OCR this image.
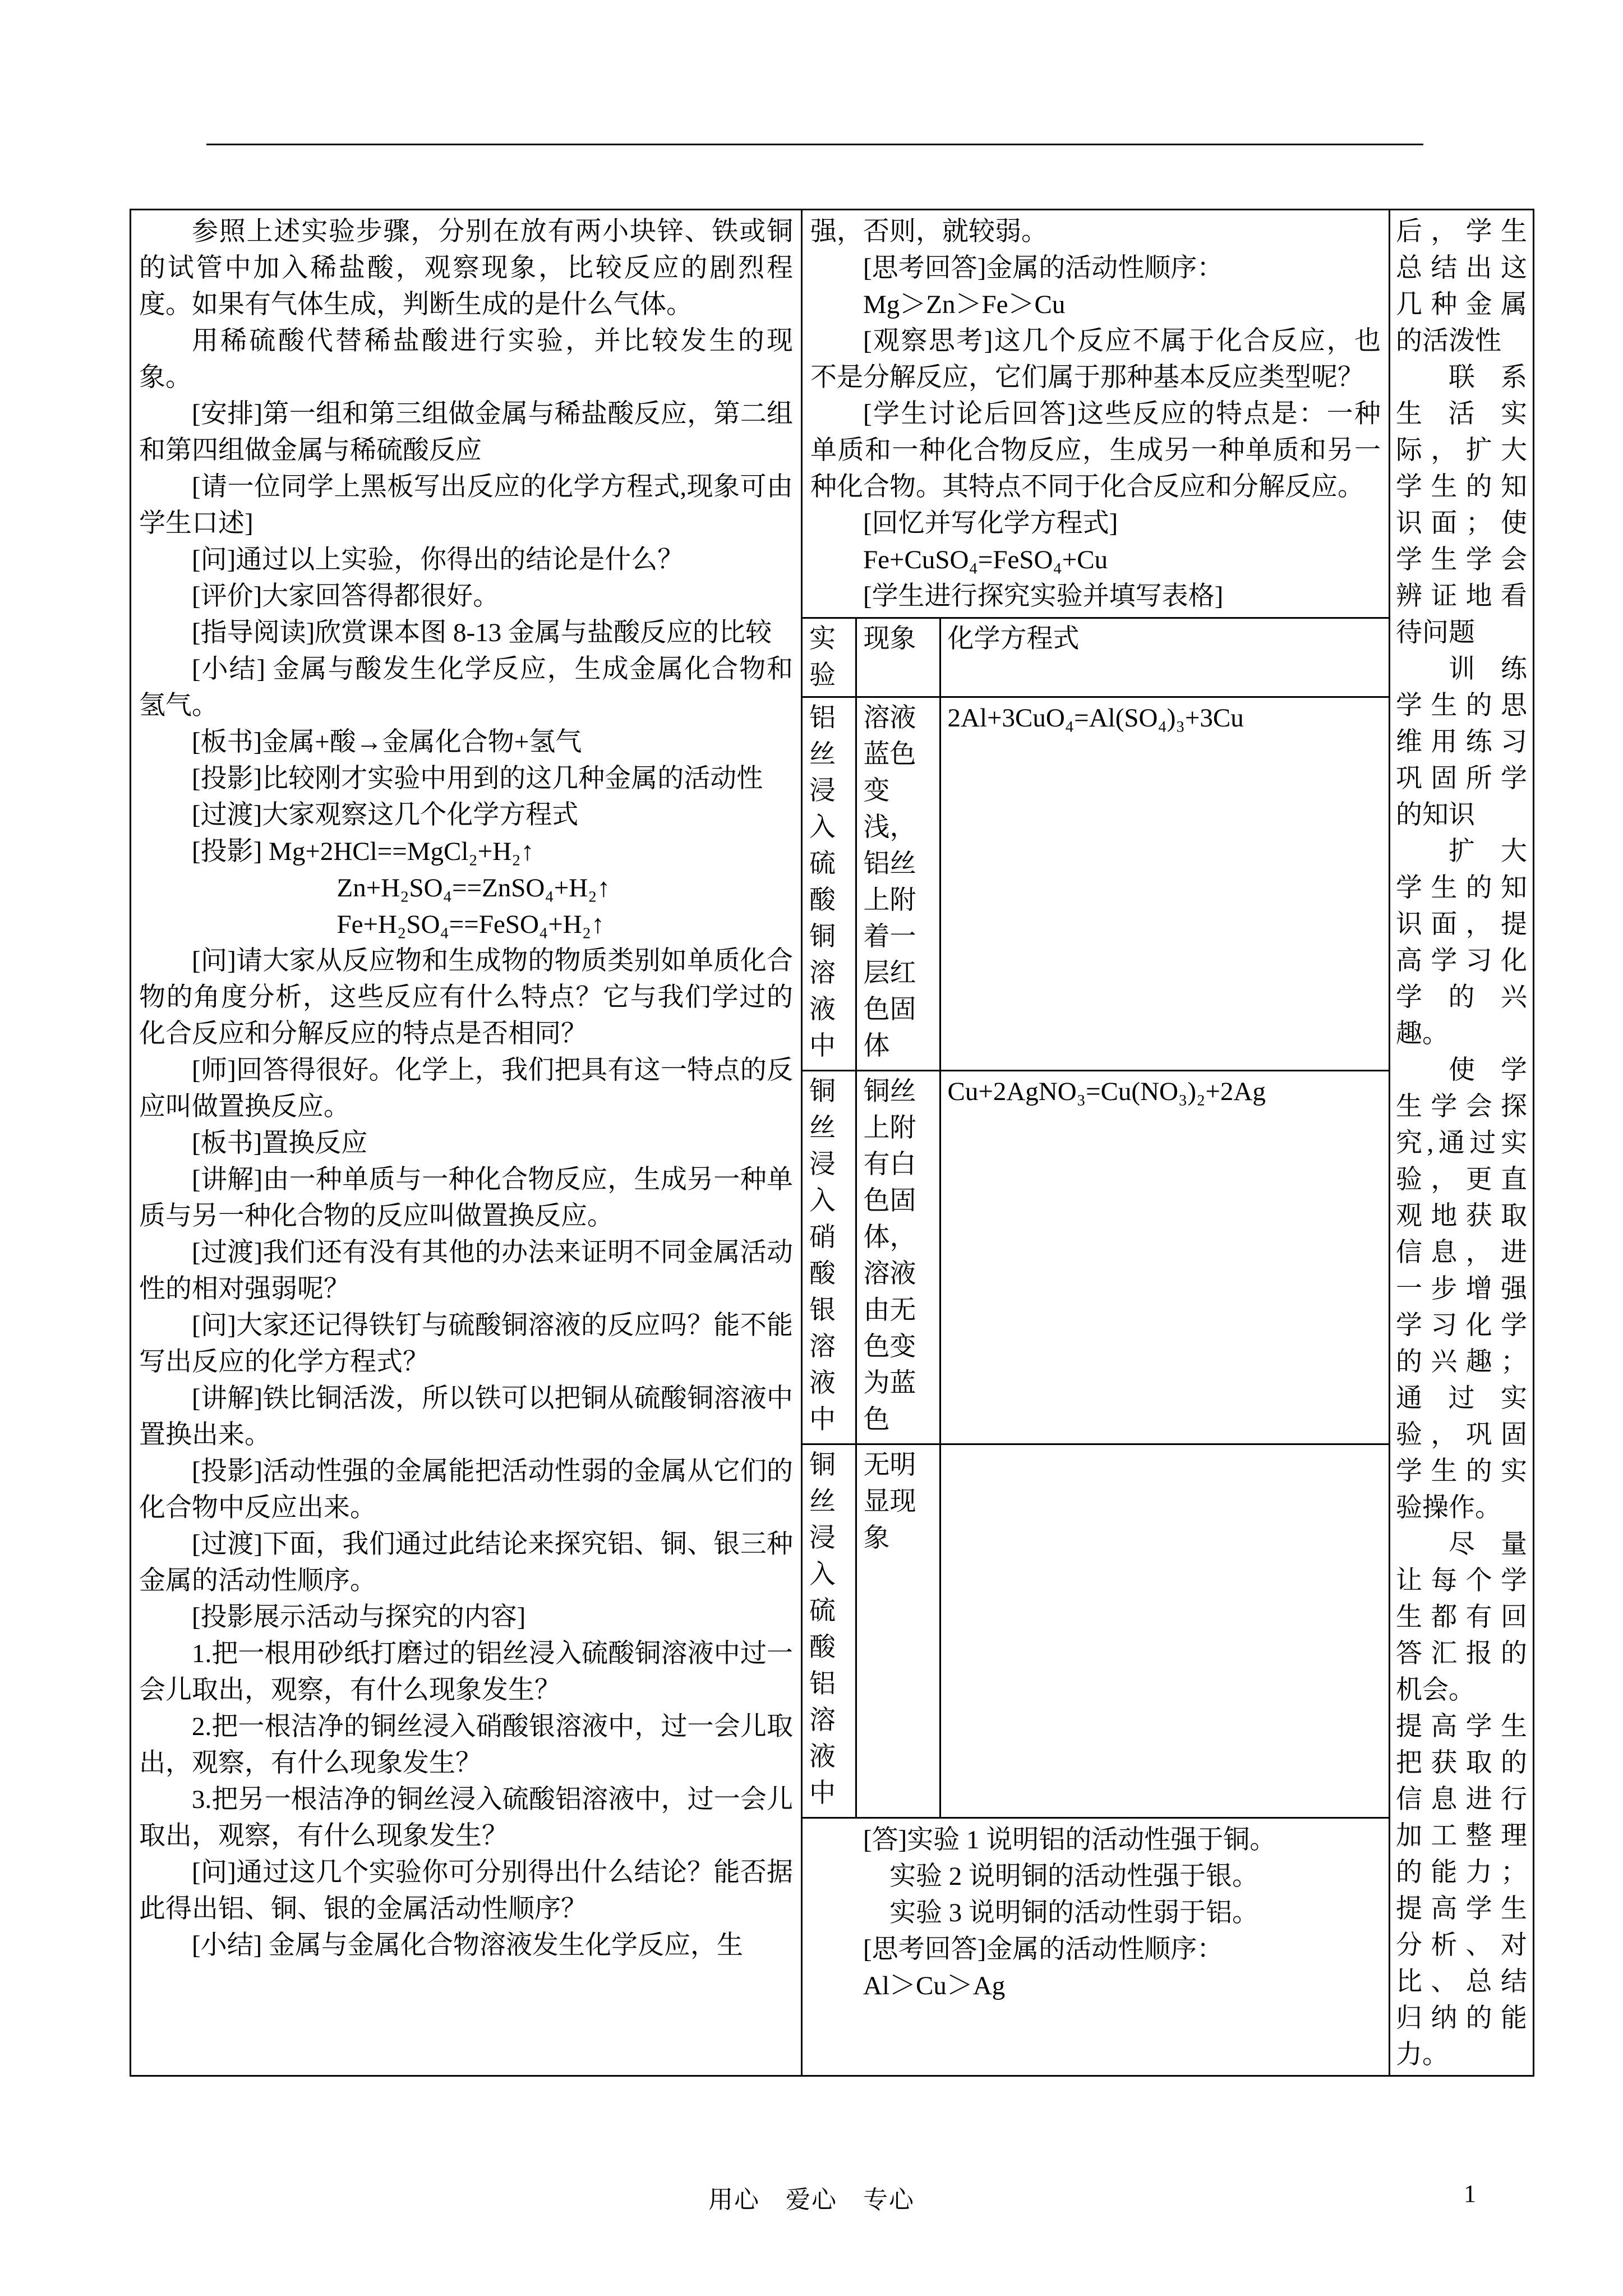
参照上述实验步骤，分别在放有两小块锌、铁或铜的试管中加入稀盐酸，观察现象，比较反应的剧烈程度。如果有气体生成，判断生成的是什么气体。

用稀硫酸代替稀盐酸进行实验，并比较发生的现象。

[安排]第一组和第三组做金属与稀盐酸反应，第二组和第四组做金属与稀硫酸反应

[请一位同学上黑板写出反应的化学方程式,现象可由学生口述]

[问]通过以上实验，你得出的结论是什么？

[评价]大家回答得都很好。

[指导阅读]欣赏课本图 8-13 金属与盐酸反应的比较

[小结] 金属与酸发生化学反应，生成金属化合物和氢气。

[板书]金属+酸→金属化合物+氢气

[投影]比较刚才实验中用到的这几种金属的活动性

[过渡]大家观察这几个化学方程式

[投影] Mg+2HCl==MgCl₂+H₂↑

Zn+H₂SO₄==ZnSO₄+H₂↑

Fe+H₂SO₄==FeSO₄+H₂↑

[问]请大家从反应物和生成物的物质类别如单质化合物的角度分析，这些反应有什么特点？它与我们学过的化合反应和分解反应的特点是否相同？

[师]回答得很好。化学上，我们把具有这一特点的反应叫做置换反应。

[板书]置换反应

[讲解]由一种单质与一种化合物反应，生成另一种单质与另一种化合物的反应叫做置换反应。

[过渡]我们还有没有其他的办法来证明不同金属活动性的相对强弱呢？

[问]大家还记得铁钉与硫酸铜溶液的反应吗？能不能写出反应的化学方程式？

[讲解]铁比铜活泼，所以铁可以把铜从硫酸铜溶液中置换出来。

[投影]活动性强的金属能把活动性弱的金属从它们的化合物中反应出来。

[过渡]下面，我们通过此结论来探究铝、铜、银三种金属的活动性顺序。

[投影展示活动与探究的内容]

1.把一根用砂纸打磨过的铝丝浸入硫酸铜溶液中过一会儿取出，观察，有什么现象发生？

2.把一根洁净的铜丝浸入硝酸银溶液中，过一会儿取出，观察，有什么现象发生？

3.把另一根洁净的铜丝浸入硫酸铝溶液中，过一会儿取出，观察，有什么现象发生？

[问]通过这几个实验你可分别得出什么结论？能否据此得出铝、铜、银的金属活动性顺序？

[小结] 金属与金属化合物溶液发生化学反应，生

强，否则，就较弱。

[思考回答]金属的活动性顺序：

Mg＞Zn＞Fe＞Cu

[观察思考]这几个反应不属于化合反应，也不是分解反应，它们属于那种基本反应类型呢？

[学生讨论后回答]这些反应的特点是：一种单质和一种化合物反应，生成另一种单质和另一种化合物。其特点不同于化合反应和分解反应。

[回忆并写化学方程式]

Fe+CuSO₄=FeSO₄+Cu

[学生进行探究实验并填写表格]

实验	现象	化学方程式
铝丝浸入硫酸铜溶液中	溶液蓝色变浅，铝丝上附着一层红色固体	2Al+3CuO₄=Al(SO₄)₃+3Cu
铜丝浸入硝酸银溶液中	铜丝上附有白色固体，溶液由无色变为蓝色	Cu+2AgNO₃=Cu(NO₃)₂+2Ag
铜丝浸入硫酸铝溶液中	无明显现象	

[答]实验 1 说明铝的活动性强于铜。

实验 2 说明铜的活动性强于银。

实验 3 说明铜的活动性弱于铝。

[思考回答]金属的活动性顺序：

Al＞Cu＞Ag

后，学生总结出这几种金属的活泼性

联系生活实际，扩大学生的知识面；使学生学会辨证地看待问题

训练学生的思维用练习巩固所学的知识

扩大学生的知识面，提高学习化学的兴趣。

使学生学会探究,通过实验，更直观地获取信息，进一步增强学习化学的兴趣；通过实验，巩固学生的实验操作。

尽量让每个学生都有回答汇报的机会。

提高学生把获取的信息进行加工整理的能力；提高学生分析、对比、总结归纳的能力。

用心　爱心　专心	1
